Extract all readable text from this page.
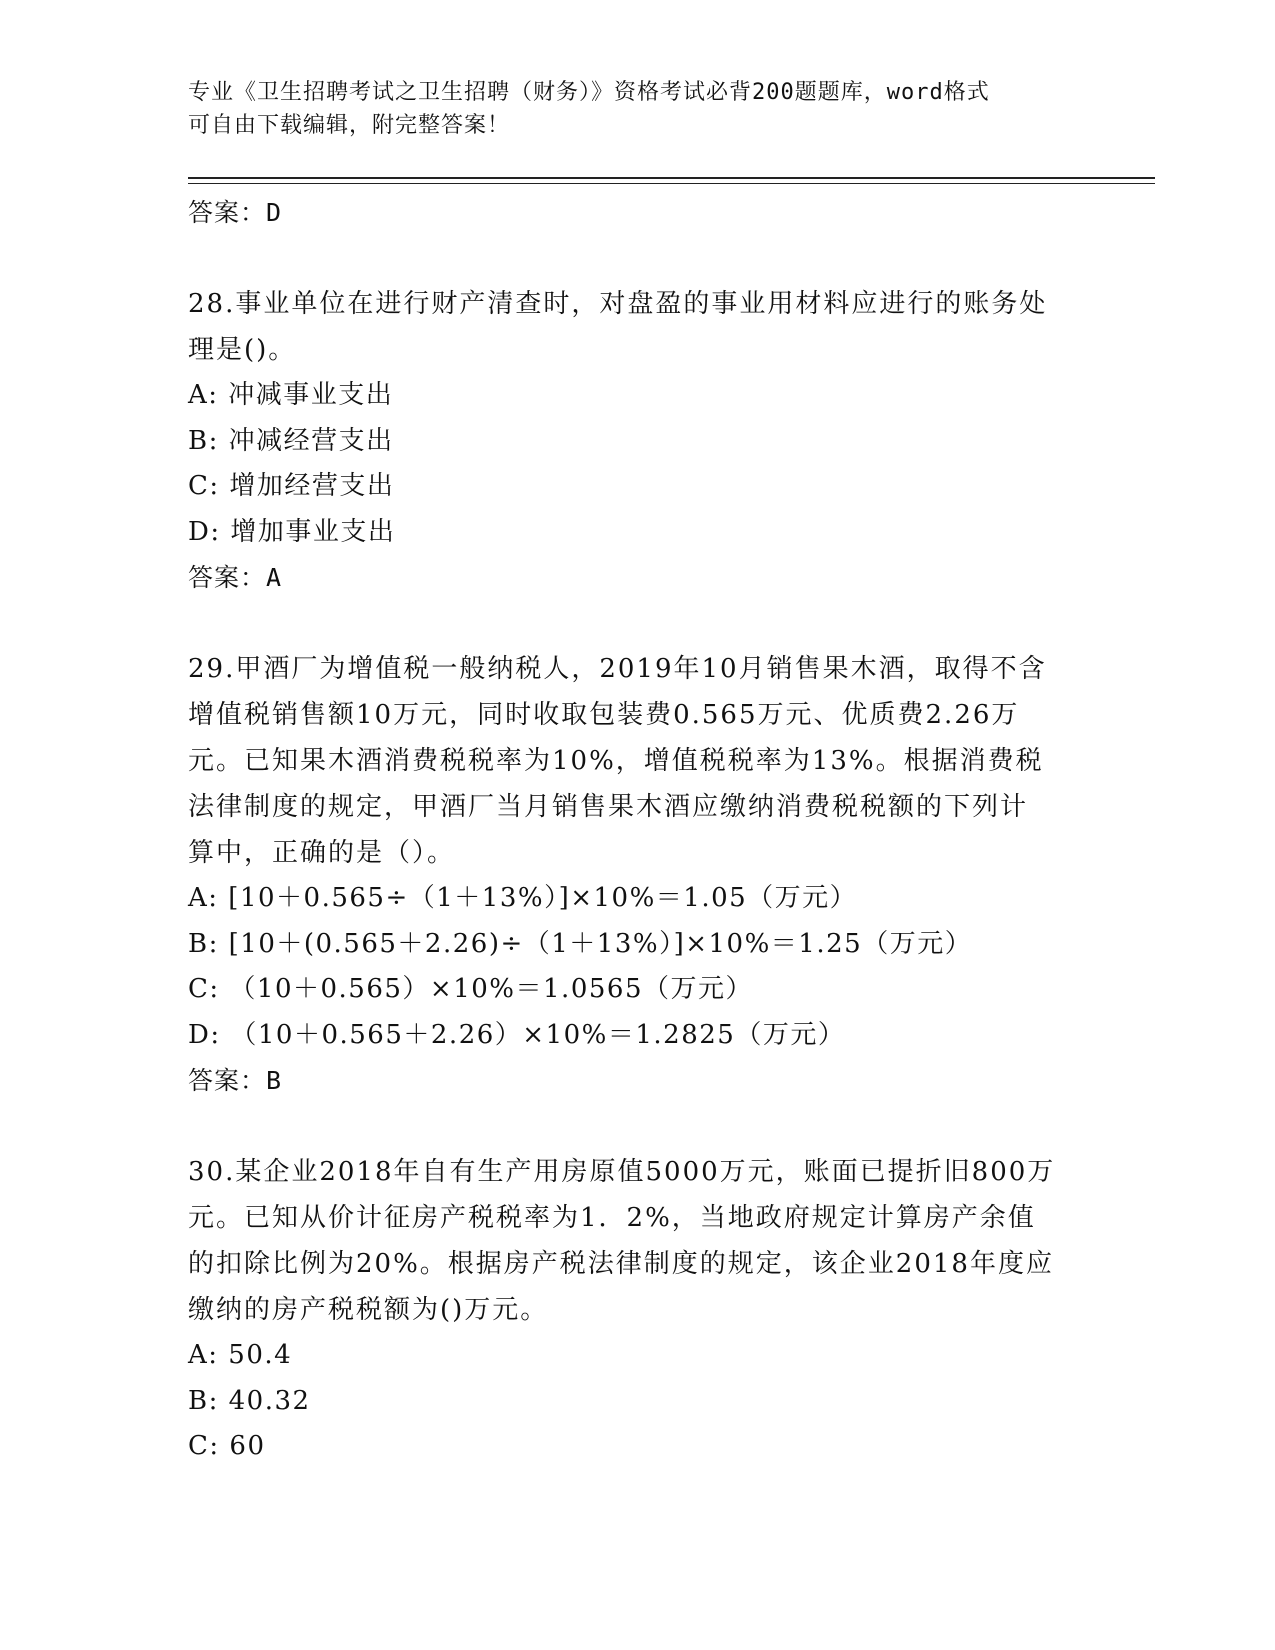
专业《卫生招聘考试之卫生招聘（财务）》资格考试必背200题题库，word格式
可自由下载编辑，附完整答案！

答案：D

28.事业单位在进行财产清查时，对盘盈的事业用材料应进行的账务处

理是()。

A: 冲减事业支出

B: 冲减经营支出

C: 增加经营支出

D: 增加事业支出

答案：A

29.甲酒厂为增值税一般纳税人，2019年10月销售果木酒，取得不含

增值税销售额10万元，同时收取包装费0.565万元、优质费2.26万

元。已知果木酒消费税税率为10%，增值税税率为13%。根据消费税

法律制度的规定，甲酒厂当月销售果木酒应缴纳消费税税额的下列计

算中，正确的是（）。

A: [10＋0.565÷（1＋13%）]×10%＝1.05（万元）

B: [10＋(0.565＋2.26)÷（1＋13%）]×10%＝1.25（万元）

C: （10＋0.565）×10%＝1.0565（万元）

D: （10＋0.565＋2.26）×10%＝1.2825（万元）

答案：B

30.某企业2018年自有生产用房原值5000万元，账面已提折旧800万

元。已知从价计征房产税税率为1．2%，当地政府规定计算房产余值

的扣除比例为20%。根据房产税法律制度的规定，该企业2018年度应

缴纳的房产税税额为()万元。

A: 50.4

B: 40.32

C: 60
